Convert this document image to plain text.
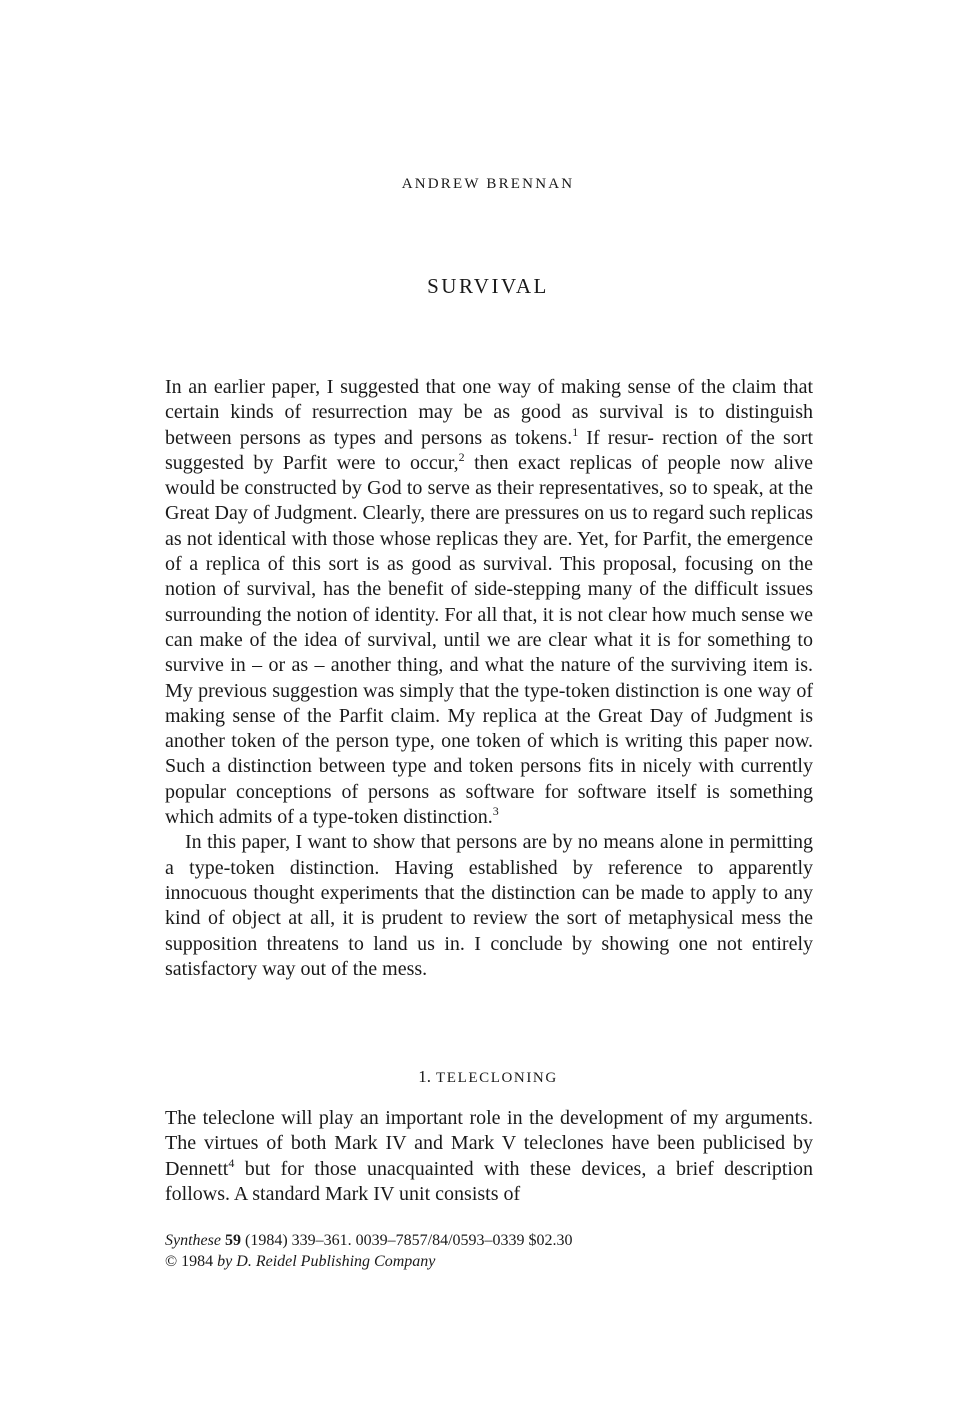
ANDREW BRENNAN
SURVIVAL

In an earlier paper, I suggested that one way of making sense of the claim that certain kinds of resurrection may be as good as survival is to distinguish between persons as types and persons as tokens.$^1$ If resur- rection of the sort suggested by Parfit were to occur,$^2$ then exact replicas of people now alive would be constructed by God to serve as their representatives, so to speak, at the Great Day of Judgment. Clearly, there are pressures on us to regard such replicas as not identical with those whose replicas they are. Yet, for Parfit, the emergence of a replica of this sort is as good as survival. This proposal, focusing on the notion of survival, has the benefit of side-stepping many of the difficult issues surrounding the notion of identity. For all that, it is not clear how much sense we can make of the idea of survival, until we are clear what it is for something to survive in – or as – another thing, and what the nature of the surviving item is. My previous suggestion was simply that the type-token distinction is one way of making sense of the Parfit claim. My replica at the Great Day of Judgment is another token of the person type, one token of which is writing this paper now. Such a distinction between type and token persons fits in nicely with currently popular conceptions of persons as software for software itself is something which admits of a type-token distinction.$^3$

In this paper, I want to show that persons are by no means alone in permitting a type-token distinction. Having established by reference to apparently innocuous thought experiments that the distinction can be made to apply to any kind of object at all, it is prudent to review the sort of metaphysical mess the supposition threatens to land us in. I conclude by showing one not entirely satisfactory way out of the mess.

1. TELECLONING

The teleclone will play an important role in the development of my arguments. The virtues of both Mark IV and Mark V teleclones have been publicised by Dennett$^4$ but for those unacquainted with these devices, a brief description follows. A standard Mark IV unit consists of

Synthese 59 (1984) 339–361. 0039–7857/84/0593–0339 $02.30
© 1984 by D. Reidel Publishing Company
